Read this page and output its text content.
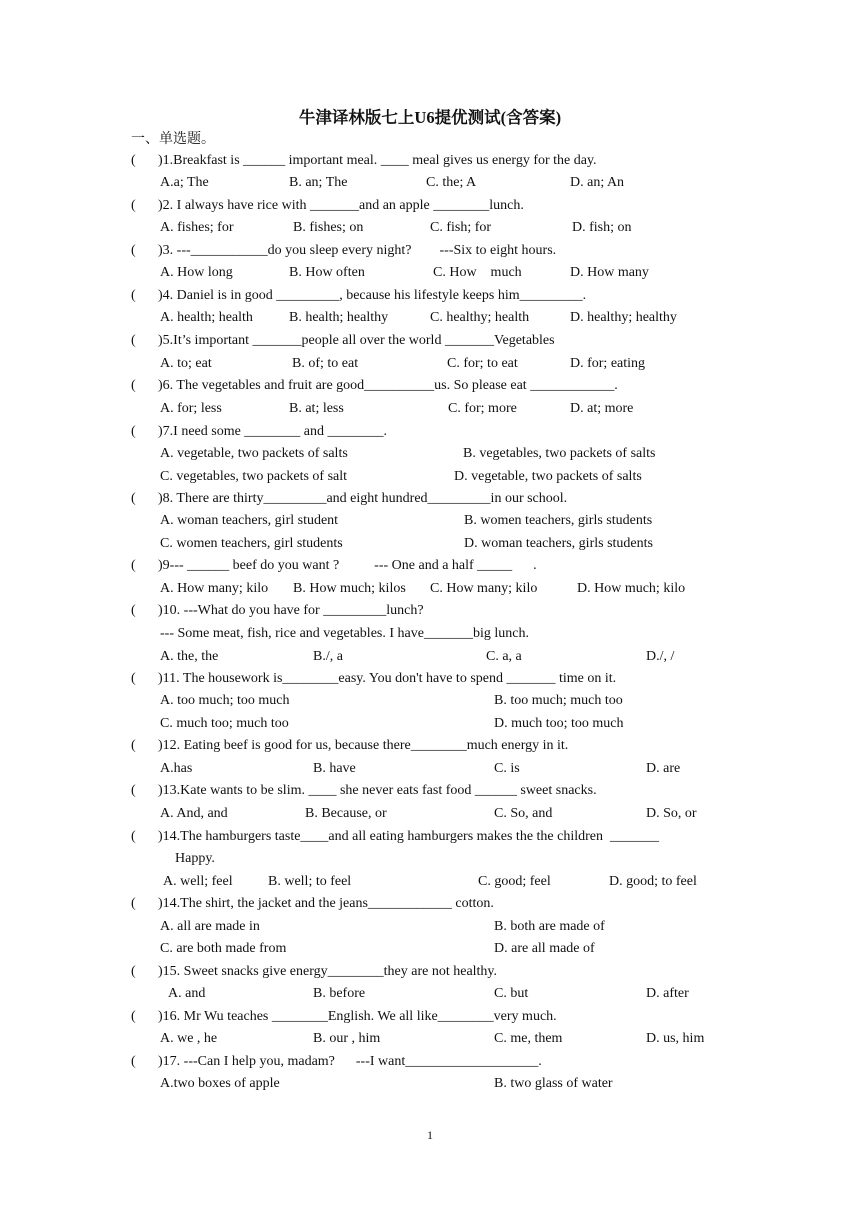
牛津译林版七上U6提优测试(含答案)
一、单选题。
( )1.Breakfast is ______ important meal. ____ meal gives us energy for the day.
A.a; The	B. an; The	C. the; A	D. an; An
( )2. I always have rice with _______and an apple ________lunch.
A. fishes; for	B. fishes; on	C. fish; for	D. fish; on
( )3. ---___________do you sleep every night?        ---Six to eight hours.
A. How long	B. How often	C. How    much	D. How many
( )4. Daniel is in good _________, because his lifestyle keeps him_________.
A. health; health	B. health; healthy	C. healthy; health	D. healthy; healthy
( )5.It’s important _______people all over the world _______Vegetables
A. to; eat	B. of; to eat	C. for; to eat	D. for; eating
( )6. The vegetables and fruit are good__________us. So please eat ____________.
A. for; less	B. at; less	C. for; more	D. at; more
( )7.I need some ________ and ________.
A. vegetable, two packets of salts	B. vegetables, two packets of salts
C. vegetables, two packets of salt	D. vegetable, two packets of salts
( )8. There are thirty_________and eight hundred_________in our school.
A. woman teachers, girl student	B. women teachers, girls students
C. women teachers, girl students	D. woman teachers, girls students
( )9--- ______ beef do you want ?          --- One and a half _____      .
A. How many; kilo B. How much; kilos C. How many; kilo	D. How much; kilo
( )10. ---What do you have for _________lunch?
--- Some meat, fish, rice and vegetables. I have_______big lunch.
A. the, the	B./, a	C. a, a	D./, /
( )11. The housework is________easy. You don't have to spend _______ time on it.
A. too much; too much	B. too much; much too
C. much too; much too	D. much too; too much
( )12. Eating beef is good for us, because there________much energy in it.
A.has	B. have	C. is	D. are
( )13.Kate wants to be slim. ____ she never eats fast food ______ sweet snacks.
A. And, and	B. Because, or	C. So, and	D. So, or
( )14.The hamburgers taste____and all eating hamburgers makes the the children  _______
Happy.
A. well; feel	B. well; to feel	C. good; feel	D. good; to feel
( )14.The shirt, the jacket and the jeans____________ cotton.
A. all are made in	B. both are made of
C. are both made from	D. are all made of
( )15. Sweet snacks give energy________they are not healthy.
A. and	B. before	C. but	D. after
( )16. Mr Wu teaches ________English. We all like________very much.
A. we , he	B. our , him	C. me, them	D. us, him
( )17. ---Can I help you, madam?      ---I want___________________.
A.two boxes of apple	B. two glass of water
1
